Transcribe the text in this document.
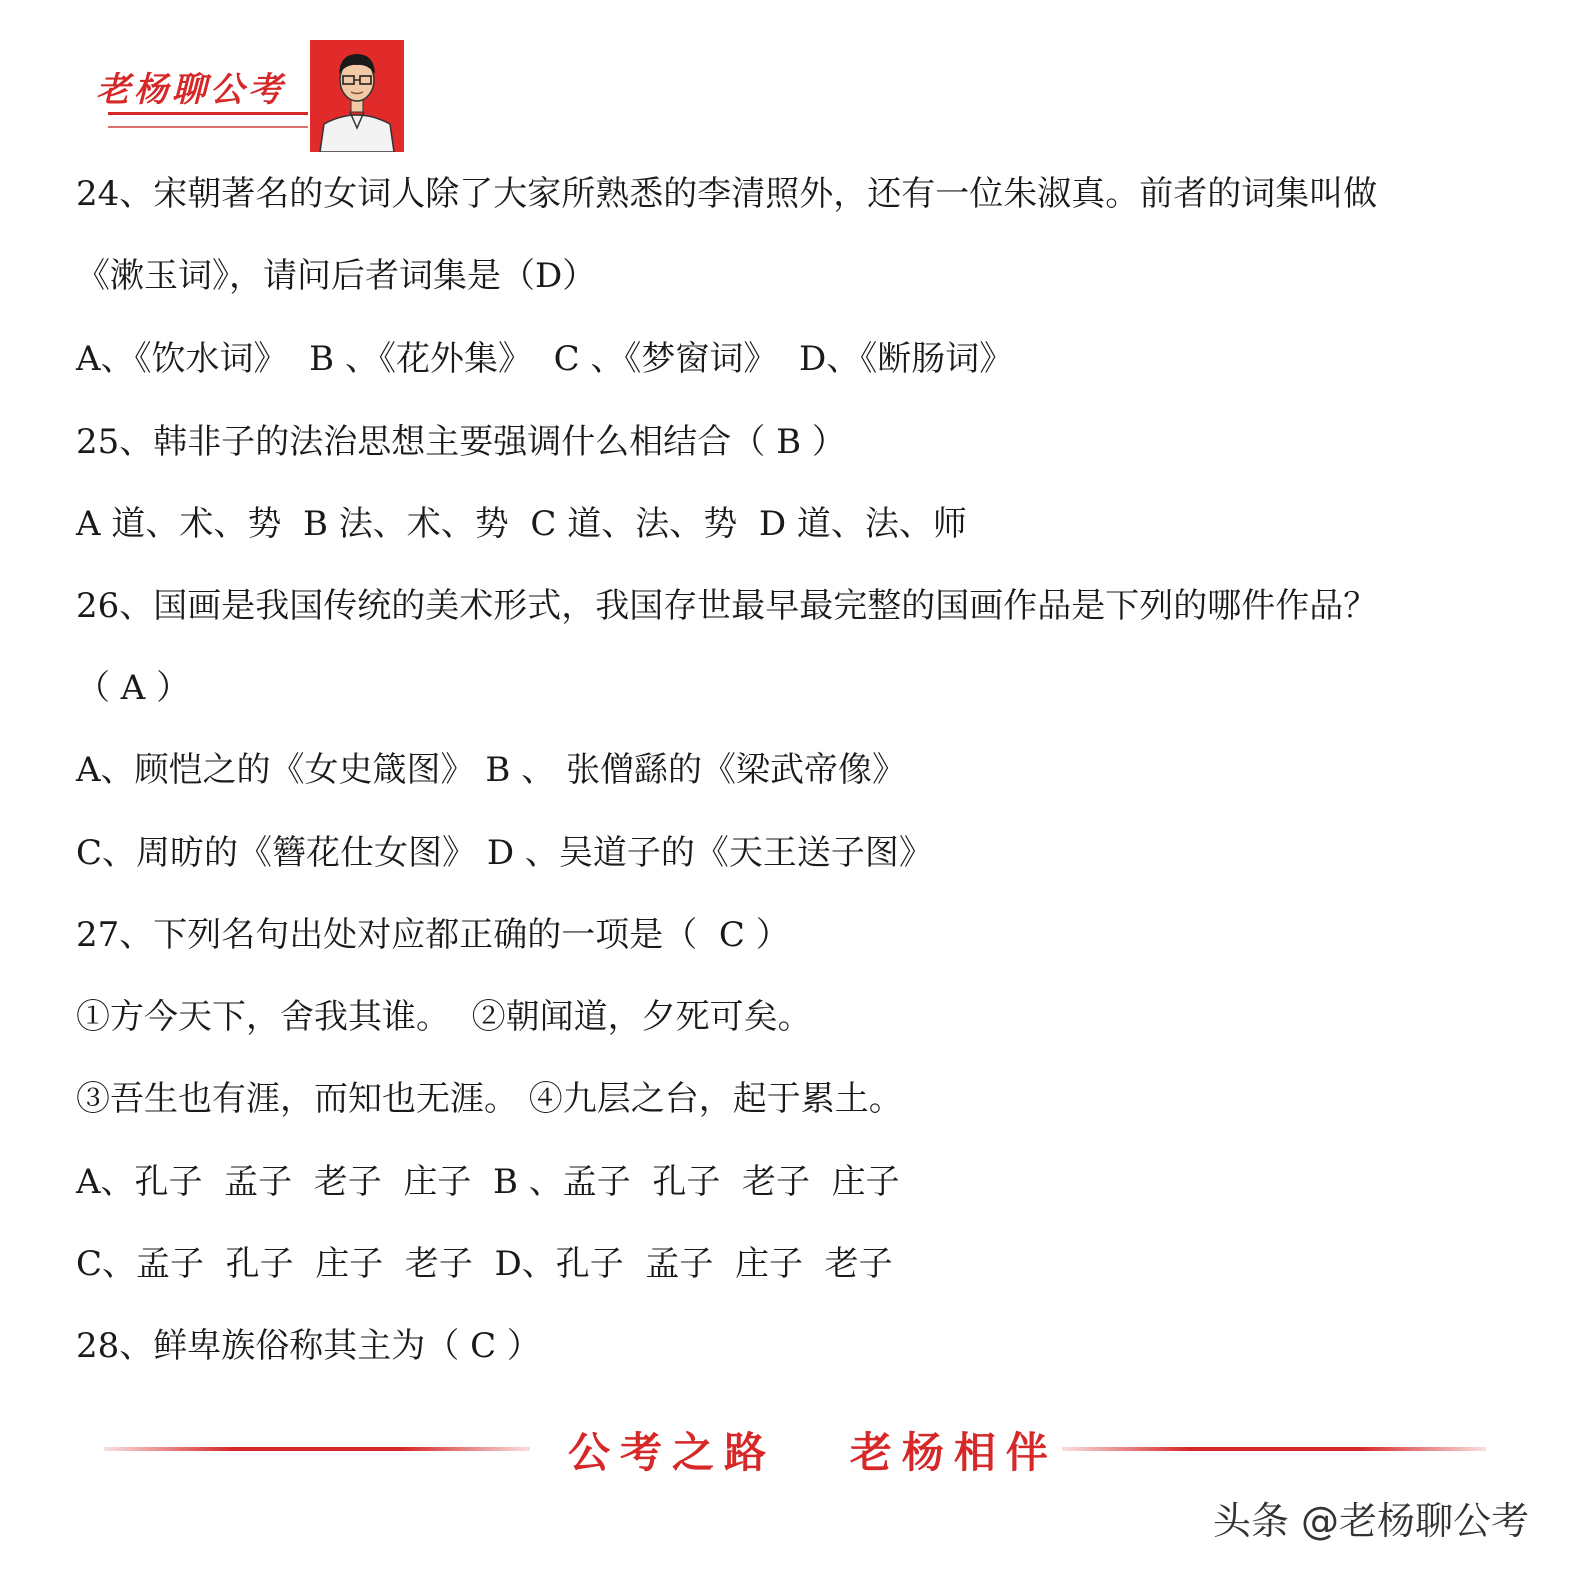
老杨聊公考
24、宋朝著名的女词人除了大家所熟悉的李清照外，还有一位朱淑真。前者的词集叫做
《漱玉词》，请问后者词集是（D）
A、《饮水词》  B 、《花外集》  C 、《梦窗词》  D、《断肠词》
25、韩非子的法治思想主要强调什么相结合（ B ）
A 道、术、势  B 法、术、势  C 道、法、势  D 道、法、师
26、国画是我国传统的美术形式，我国存世最早最完整的国画作品是下列的哪件作品？
（ A ）
A、顾恺之的《女史箴图》 B 、 张僧繇的《梁武帝像》
C、周昉的《簪花仕女图》 D 、吴道子的《天王送子图》
27、下列名句出处对应都正确的一项是（  C ）
①方今天下，舍我其谁。  ②朝闻道，夕死可矣。
③吾生也有涯，而知也无涯。 ④九层之台，起于累土。
A、孔子  孟子  老子  庄子  B 、孟子  孔子  老子  庄子
C、孟子  孔子  庄子  老子  D、孔子  孟子  庄子  老子
28、鲜卑族俗称其主为（ C ）
公考之路 老杨相伴
头条 @老杨聊公考
